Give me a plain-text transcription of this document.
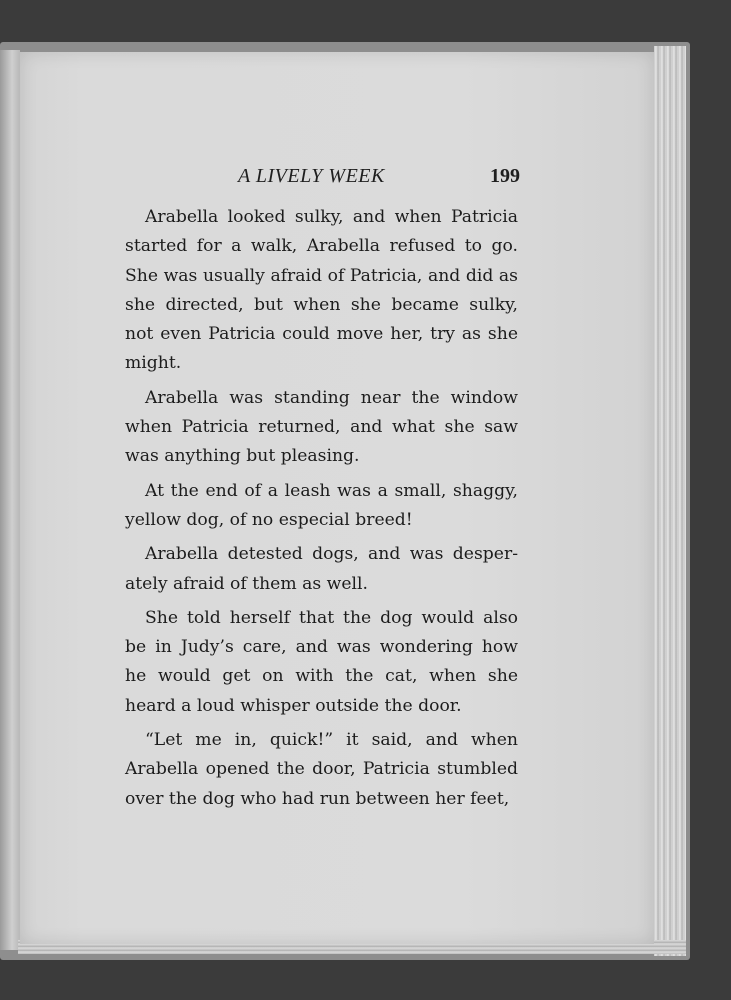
A LIVELY WEEK	199

Arabella looked sulky, and when Patricia started for a walk, Arabella refused to go. She was usually afraid of Patricia, and did as she directed, but when she became sulky, not even Patricia could move her, try as she might.

Arabella was standing near the window when Patricia returned, and what she saw was anything but pleasing.

At the end of a leash was a small, shaggy, yellow dog, of no especial breed!

Arabella detested dogs, and was desper-ately afraid of them as well.

She told herself that the dog would also be in Judy’s care, and was wondering how he would get on with the cat, when she heard a loud whisper outside the door.

“Let me in, quick!” it said, and when Arabella opened the door, Patricia stumbled over the dog who had run between her feet,
